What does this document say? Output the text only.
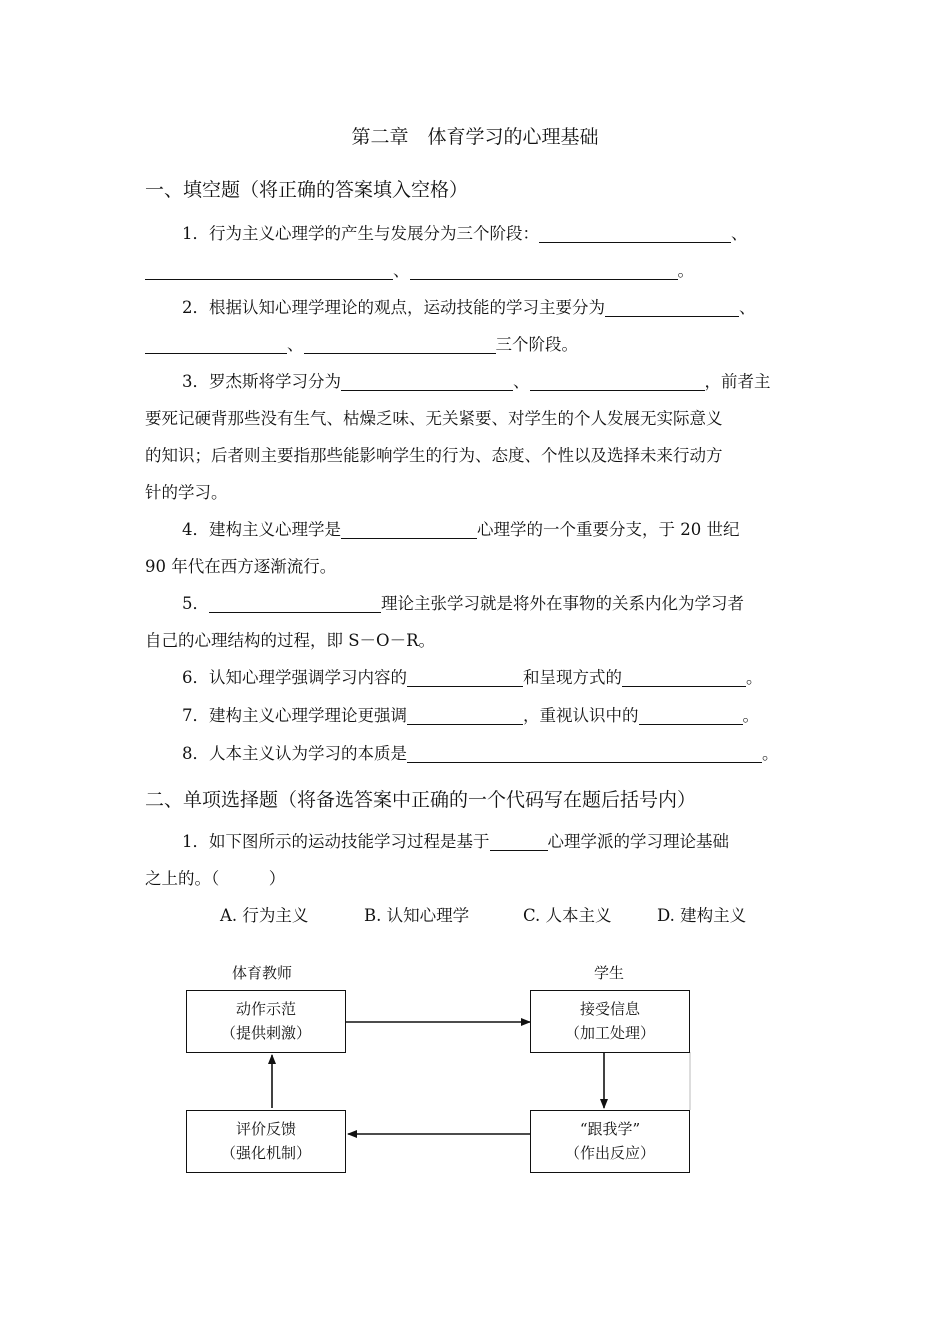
第二章　体育学习的心理基础
一、填空题（将正确的答案填入空格）
1．行为主义心理学的产生与发展分为三个阶段：	、
、	。
2．根据认知心理学理论的观点，运动技能的学习主要分为	、
、	三个阶段。
3．罗杰斯将学习分为	、	，前者主
要死记硬背那些没有生气、枯燥乏味、无关紧要、对学生的个人发展无实际意义
的知识；后者则主要指那些能影响学生的行为、态度、个性以及选择未来行动方
针的学习。
4．建构主义心理学是	心理学的一个重要分支，于 20 世纪
90 年代在西方逐渐流行。
5．	理论主张学习就是将外在事物的关系内化为学习者
自己的心理结构的过程，即 S－O－R。
6．认知心理学强调学习内容的	和呈现方式的	。
7．建构主义心理学理论更强调	，重视认识中的	。
8．人本主义认为学习的本质是	。
二、单项选择题（将备选答案中正确的一个代码写在题后括号内）
1．如下图所示的运动技能学习过程是基于	心理学派的学习理论基础
之上的。（　　　）
A. 行为主义	B. 认知心理学	C. 人本主义	D. 建构主义
体育教师	学生
动作示范
（提供刺激）
接受信息
（加工处理）
“跟我学”
（作出反应）
评价反馈
（强化机制）
